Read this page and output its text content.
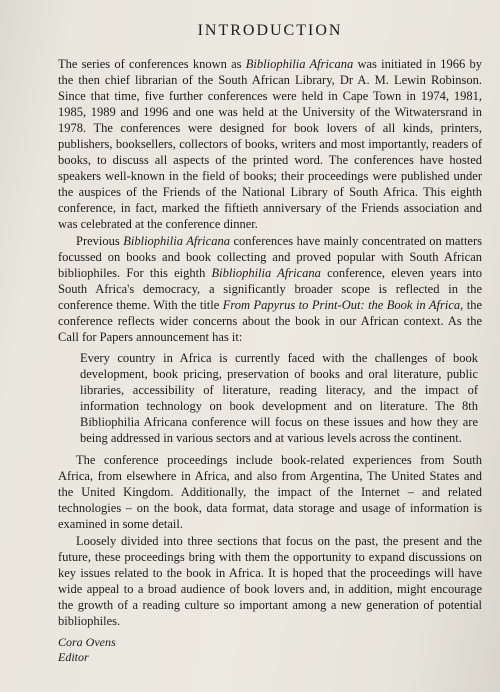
INTRODUCTION

The series of conferences known as Bibliophilia Africana was initiated in 1966 by the then chief librarian of the South African Library, Dr A. M. Lewin Robinson. Since that time, five further conferences were held in Cape Town in 1974, 1981, 1985, 1989 and 1996 and one was held at the University of the Witwatersrand in 1978. The conferences were designed for book lovers of all kinds, printers, publishers, booksellers, collectors of books, writers and most importantly, readers of books, to discuss all aspects of the printed word. The conferences have hosted speakers well-known in the field of books; their proceedings were published under the auspices of the Friends of the National Library of South Africa. This eighth conference, in fact, marked the fiftieth anniversary of the Friends association and was celebrated at the conference dinner.

Previous Bibliophilia Africana conferences have mainly concentrated on matters focussed on books and book collecting and proved popular with South African bibliophiles. For this eighth Bibliophilia Africana conference, eleven years into South Africa's democracy, a significantly broader scope is reflected in the conference theme. With the title From Papyrus to Print-Out: the Book in Africa, the conference reflects wider concerns about the book in our African context. As the Call for Papers announcement has it:

Every country in Africa is currently faced with the challenges of book development, book pricing, preservation of books and oral literature, public libraries, accessibility of literature, reading literacy, and the impact of information technology on book development and on literature. The 8th Bibliophilia Africana conference will focus on these issues and how they are being addressed in various sectors and at various levels across the continent.

The conference proceedings include book-related experiences from South Africa, from elsewhere in Africa, and also from Argentina, The United States and the United Kingdom. Additionally, the impact of the Internet – and related technologies – on the book, data format, data storage and usage of information is examined in some detail.

Loosely divided into three sections that focus on the past, the present and the future, these proceedings bring with them the opportunity to expand discussions on key issues related to the book in Africa. It is hoped that the proceedings will have wide appeal to a broad audience of book lovers and, in addition, might encourage the growth of a reading culture so important among a new generation of potential bibliophiles.

Cora Ovens
Editor
